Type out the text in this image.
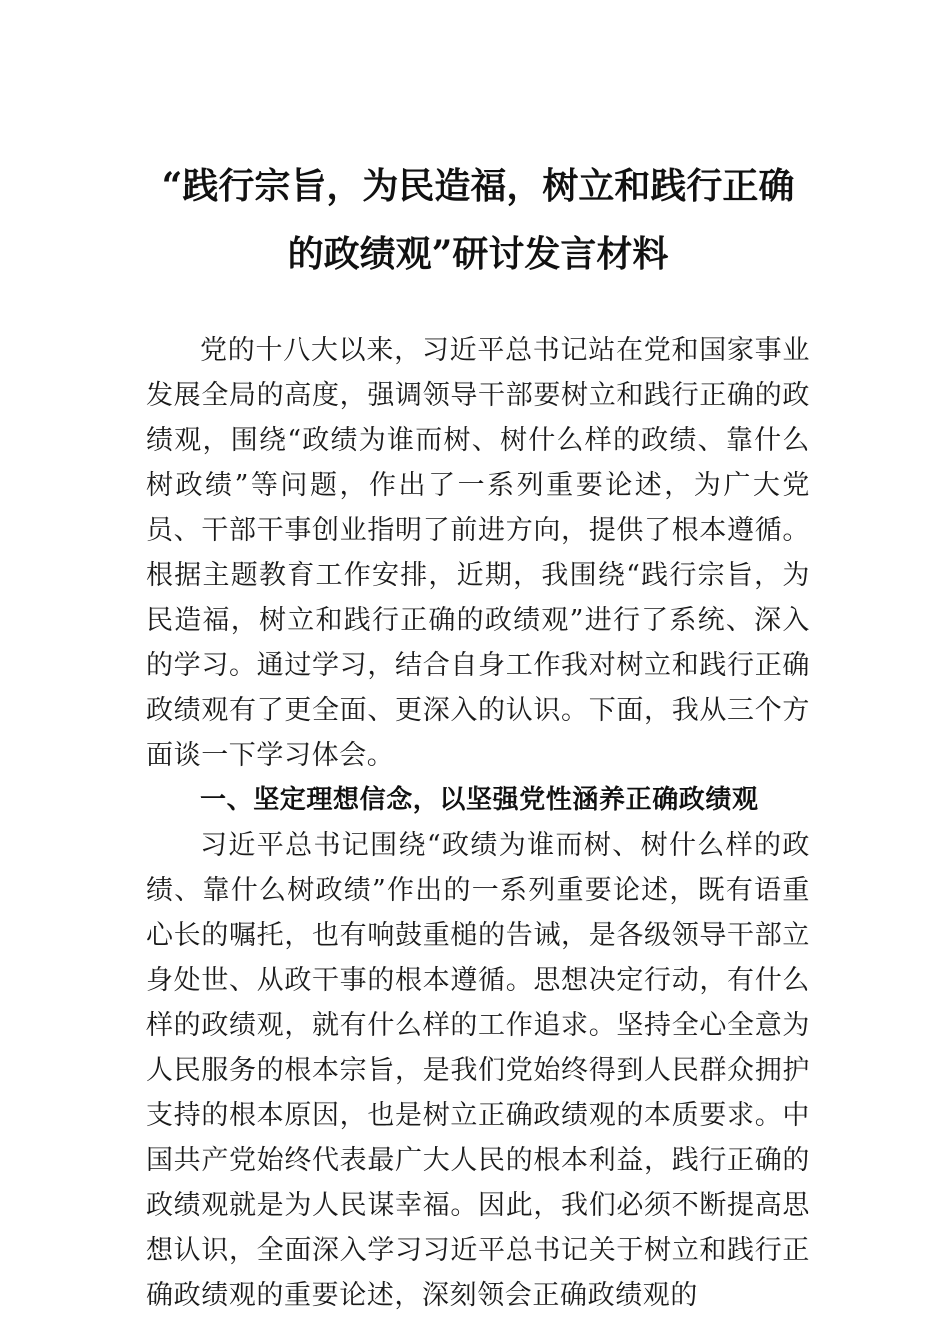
“践行宗旨，为民造福，树立和践行正确
的政绩观”研讨发言材料

党的十八大以来，习近平总书记站在党和国家事业发展全局的高度，强调领导干部要树立和践行正确的政绩观，围绕“政绩为谁而树、树什么样的政绩、靠什么树政绩”等问题，作出了一系列重要论述，为广大党员、干部干事创业指明了前进方向，提供了根本遵循。根据主题教育工作安排，近期，我围绕“践行宗旨，为民造福，树立和践行正确的政绩观”进行了系统、深入的学习。通过学习，结合自身工作我对树立和践行正确政绩观有了更全面、更深入的认识。下面，我从三个方面谈一下学习体会。

一、坚定理想信念，以坚强党性涵养正确政绩观

习近平总书记围绕“政绩为谁而树、树什么样的政绩、靠什么树政绩”作出的一系列重要论述，既有语重心长的嘱托，也有响鼓重槌的告诫，是各级领导干部立身处世、从政干事的根本遵循。思想决定行动，有什么样的政绩观，就有什么样的工作追求。坚持全心全意为人民服务的根本宗旨，是我们党始终得到人民群众拥护支持的根本原因，也是树立正确政绩观的本质要求。中国共产党始终代表最广大人民的根本利益，践行正确的政绩观就是为人民谋幸福。因此，我们必须不断提高思想认识，全面深入学习习近平总书记关于树立和践行正确政绩观的重要论述，深刻领会正确政绩观的
